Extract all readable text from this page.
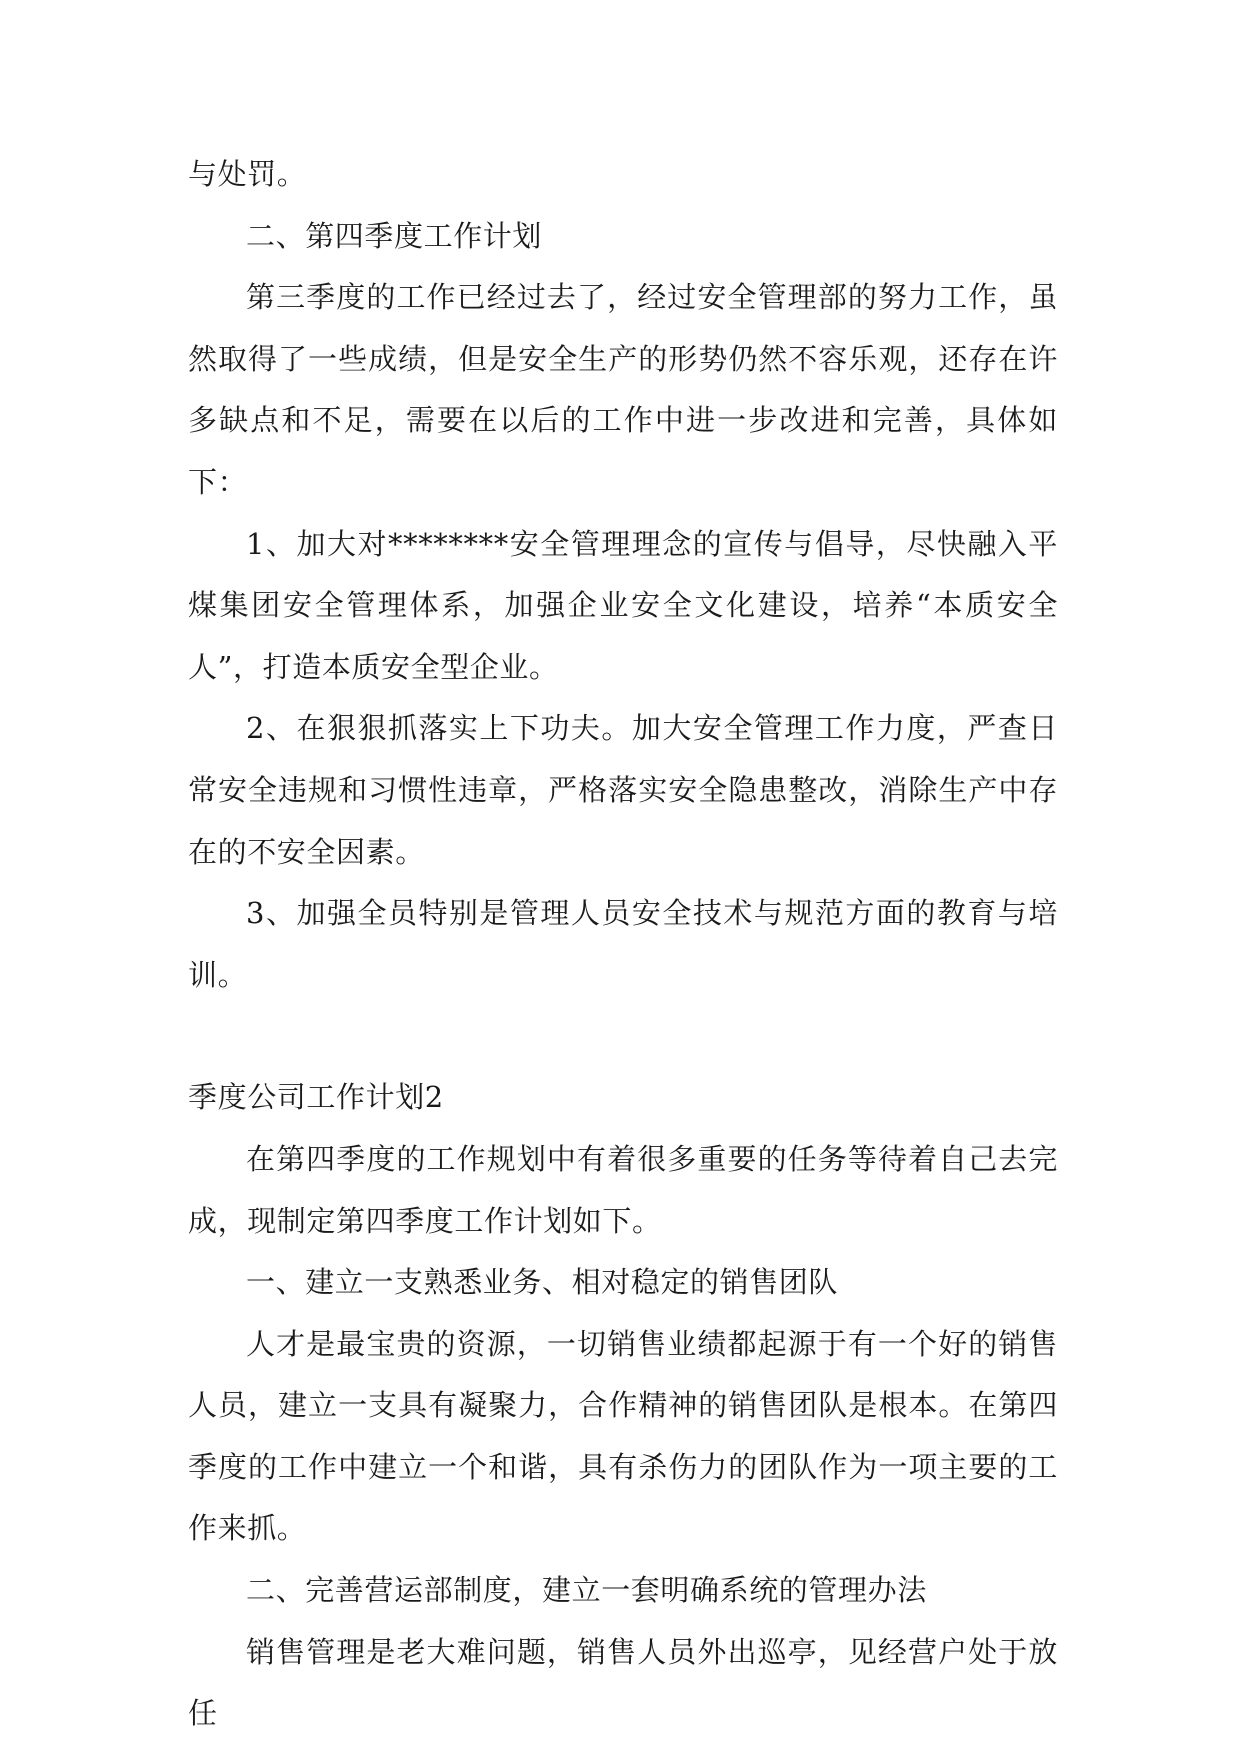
与处罚。

二、第四季度工作计划

第三季度的工作已经过去了，经过安全管理部的努力工作，虽然取得了一些成绩，但是安全生产的形势仍然不容乐观，还存在许多缺点和不足，需要在以后的工作中进一步改进和完善，具体如下：

1、加大对********安全管理理念的宣传与倡导，尽快融入平煤集团安全管理体系，加强企业安全文化建设，培养“本质安全人”，打造本质安全型企业。

2、在狠狠抓落实上下功夫。加大安全管理工作力度，严查日常安全违规和习惯性违章，严格落实安全隐患整改，消除生产中存在的不安全因素。

3、加强全员特别是管理人员安全技术与规范方面的教育与培训。

季度公司工作计划2

在第四季度的工作规划中有着很多重要的任务等待着自己去完成，现制定第四季度工作计划如下。

一、建立一支熟悉业务、相对稳定的销售团队

人才是最宝贵的资源，一切销售业绩都起源于有一个好的销售人员，建立一支具有凝聚力，合作精神的销售团队是根本。在第四季度的工作中建立一个和谐，具有杀伤力的团队作为一项主要的工作来抓。

二、完善营运部制度，建立一套明确系统的管理办法

销售管理是老大难问题，销售人员外出巡亭，见经营户处于放任
